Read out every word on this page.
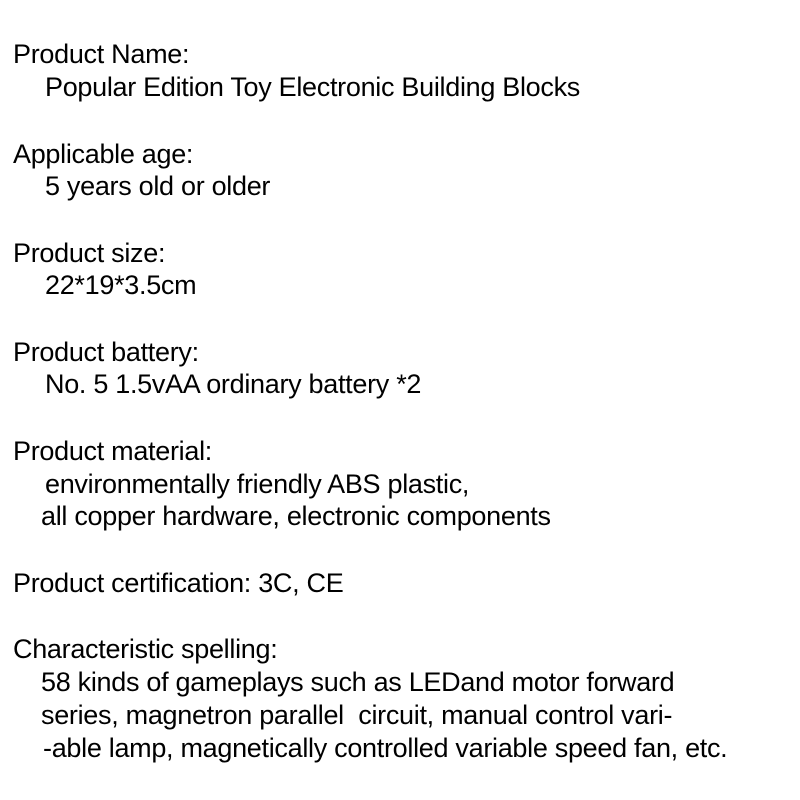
Product Name:
Popular Edition Toy Electronic Building Blocks
Applicable age:
5 years old or older
Product size:
22*19*3.5cm
Product battery:
No. 5 1.5vAA ordinary battery *2
Product material:
environmentally friendly ABS plastic,
all copper hardware, electronic components
Product certification: 3C, CE
Characteristic spelling:
58 kinds of gameplays such as LEDand motor forward
series, magnetron parallel  circuit, manual control vari-
-able lamp, magnetically controlled variable speed fan, etc.
